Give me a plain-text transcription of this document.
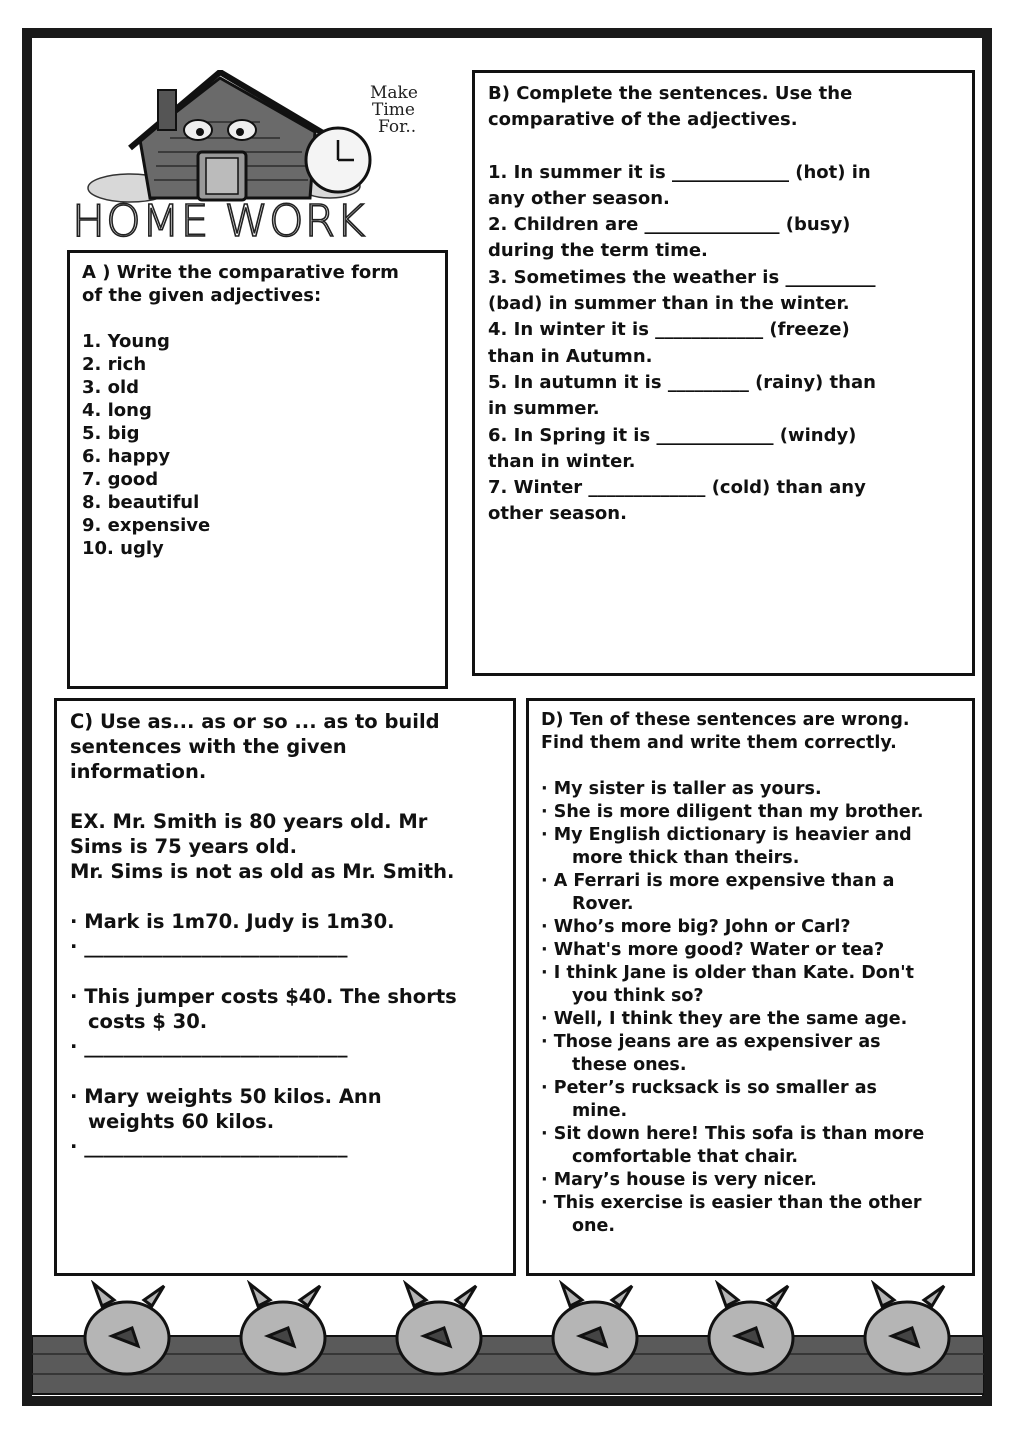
Make
Time
For..
HOME WORK

A ) Write the comparative form

of the given adjectives:

1. Young

2. rich

3. old

4. long

5. big

6. happy

7. good

8. beautiful

9. expensive

10. ugly

B) Complete the sentences. Use the

comparative of the adjectives.

1. In summer it is _____________ (hot) in

any other season.

2. Children are _______________ (busy)

during the term time.

3. Sometimes the weather is __________

(bad) in summer than in the winter.

4. In winter it is ____________ (freeze)

than in Autumn.

5. In autumn it is _________ (rainy) than

in summer.

6. In Spring it is _____________ (windy)

than in winter.

7. Winter _____________ (cold) than any

other season.

C) Use as... as or so ... as to build

sentences with the given

information.

EX. Mr. Smith is 80 years old. Mr

Sims is 75 years old.

Mr. Sims is not as old as Mr. Smith.

· Mark is 1m70. Judy is 1m30.

· ___________________________

· This jumper costs $40. The shorts

costs $ 30.

· ___________________________

· Mary weights 50 kilos. Ann

weights 60 kilos.

· ___________________________

D) Ten of these sentences are wrong.

Find them and write them correctly.

· My sister is taller as yours.

· She is more diligent than my brother.

· My English dictionary is heavier and

more thick than theirs.

· A Ferrari is more expensive than a

Rover.

· Who’s more big? John or Carl?

· What's more good? Water or tea?

· I think Jane is older than Kate. Don't

you think so?

· Well, I think they are the same age.

· Those jeans are as expensiver as

these ones.

· Peter’s rucksack is so smaller as

mine.

· Sit down here! This sofa is than more

comfortable that chair.

· Mary’s house is very nicer.

· This exercise is easier than the other

one.
